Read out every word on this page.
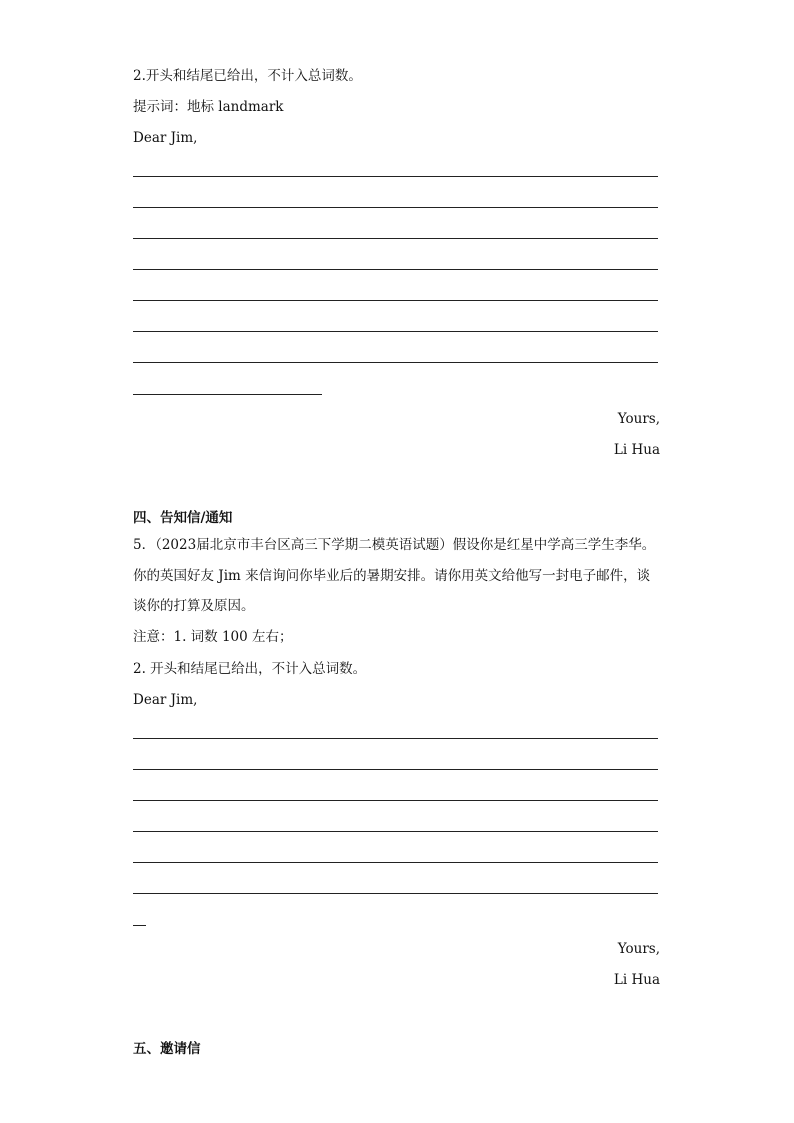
2.开头和结尾已给出，不计入总词数。
提示词：地标 landmark
Dear Jim,
Yours,
Li Hua
四、告知信/通知
5．（2023届北京市丰台区高三下学期二模英语试题）假设你是红星中学高三学生李华。
你的英国好友 Jim 来信询问你毕业后的暑期安排。请你用英文给他写一封电子邮件，谈
谈你的打算及原因。
注意：1. 词数 100 左右；
2. 开头和结尾已给出，不计入总词数。
Dear Jim,
Yours,
Li Hua
五、邀请信
